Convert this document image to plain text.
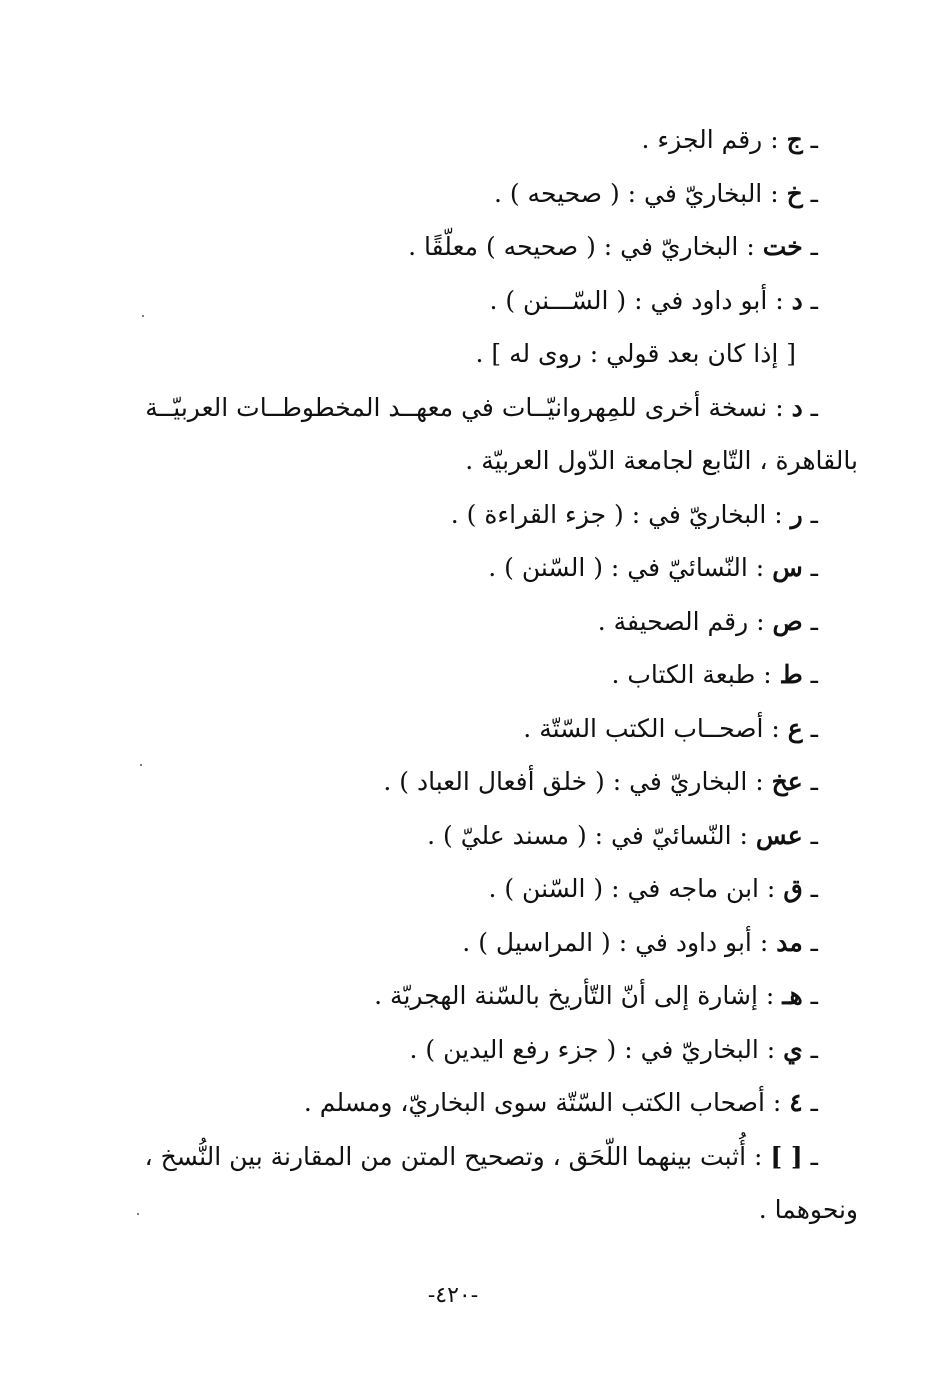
ـ ج : رقم الجزء .
ـ خ : البخاريّ في : ( صحيحه ) .
ـ خت : البخاريّ في : ( صحيحه ) معلّقًا .
ـ د : أبو داود في : ( السّـــنن ) .
[ إذا كان بعد قولي : روى له ] .
ـ د : نسخة أخرى للمِهروانيّــات في معهــد المخطوطــات العربيّــة
بالقاهرة ، التّابع لجامعة الدّول العربيّة .
ـ ر : البخاريّ في : ( جزء القراءة ) .
ـ س : النّسائيّ في : ( السّنن ) .
ـ ص : رقم الصحيفة .
ـ ط : طبعة الكتاب .
ـ ع : أصحــاب الكتب السّتّة .
ـ عخ : البخاريّ في : ( خلق أفعال العباد ) .
ـ عس : النّسائيّ في : ( مسند عليّ ) .
ـ ق : ابن ماجه في : ( السّنن ) .
ـ مد : أبو داود في : ( المراسيل ) .
ـ هـ : إشارة إلى أنّ التّأريخ بالسّنة الهجريّة .
ـ ي : البخاريّ في : ( جزء رفع اليدين ) .
ـ ٤ : أصحاب الكتب السّتّة سوى البخاريّ، ومسلم .
ـ [ ] : أُثبت بينهما اللّحَق ، وتصحيح المتن من المقارنة بين النُّسخ ،
ونحوهما .
-٤٢٠-
